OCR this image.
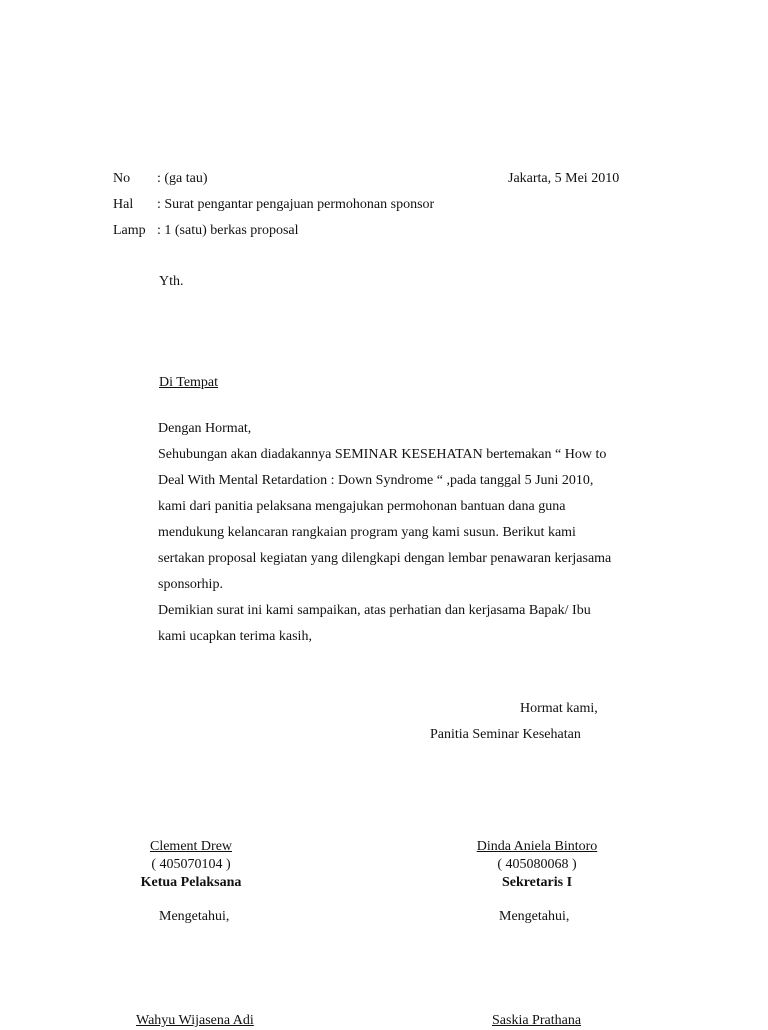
No : (ga tau)	Jakarta, 5 Mei 2010
Hal : Surat pengantar pengajuan permohonan sponsor
Lamp : 1 (satu) berkas proposal
Yth.
Di Tempat

Dengan Hormat,

Sehubungan akan diadakannya SEMINAR KESEHATAN bertemakan “ How to

Deal With Mental Retardation : Down Syndrome “ ,pada tanggal 5 Juni 2010,

kami dari panitia pelaksana mengajukan permohonan bantuan dana guna

mendukung kelancaran rangkaian program yang kami susun. Berikut kami

sertakan proposal kegiatan yang dilengkapi dengan lembar penawaran kerjasama

sponsorhip.

Demikian surat ini kami sampaikan, atas perhatian dan kerjasama Bapak/ Ibu

kami ucapkan terima kasih,

Hormat kami,
Panitia Seminar Kesehatan
Clement Drew
( 405070104 )
Ketua Pelaksana
Dinda Aniela Bintoro
( 405080068 )
Sekretaris I
Mengetahui,	Mengetahui,
Wahyu Wijasena Adi	Saskia Prathana
